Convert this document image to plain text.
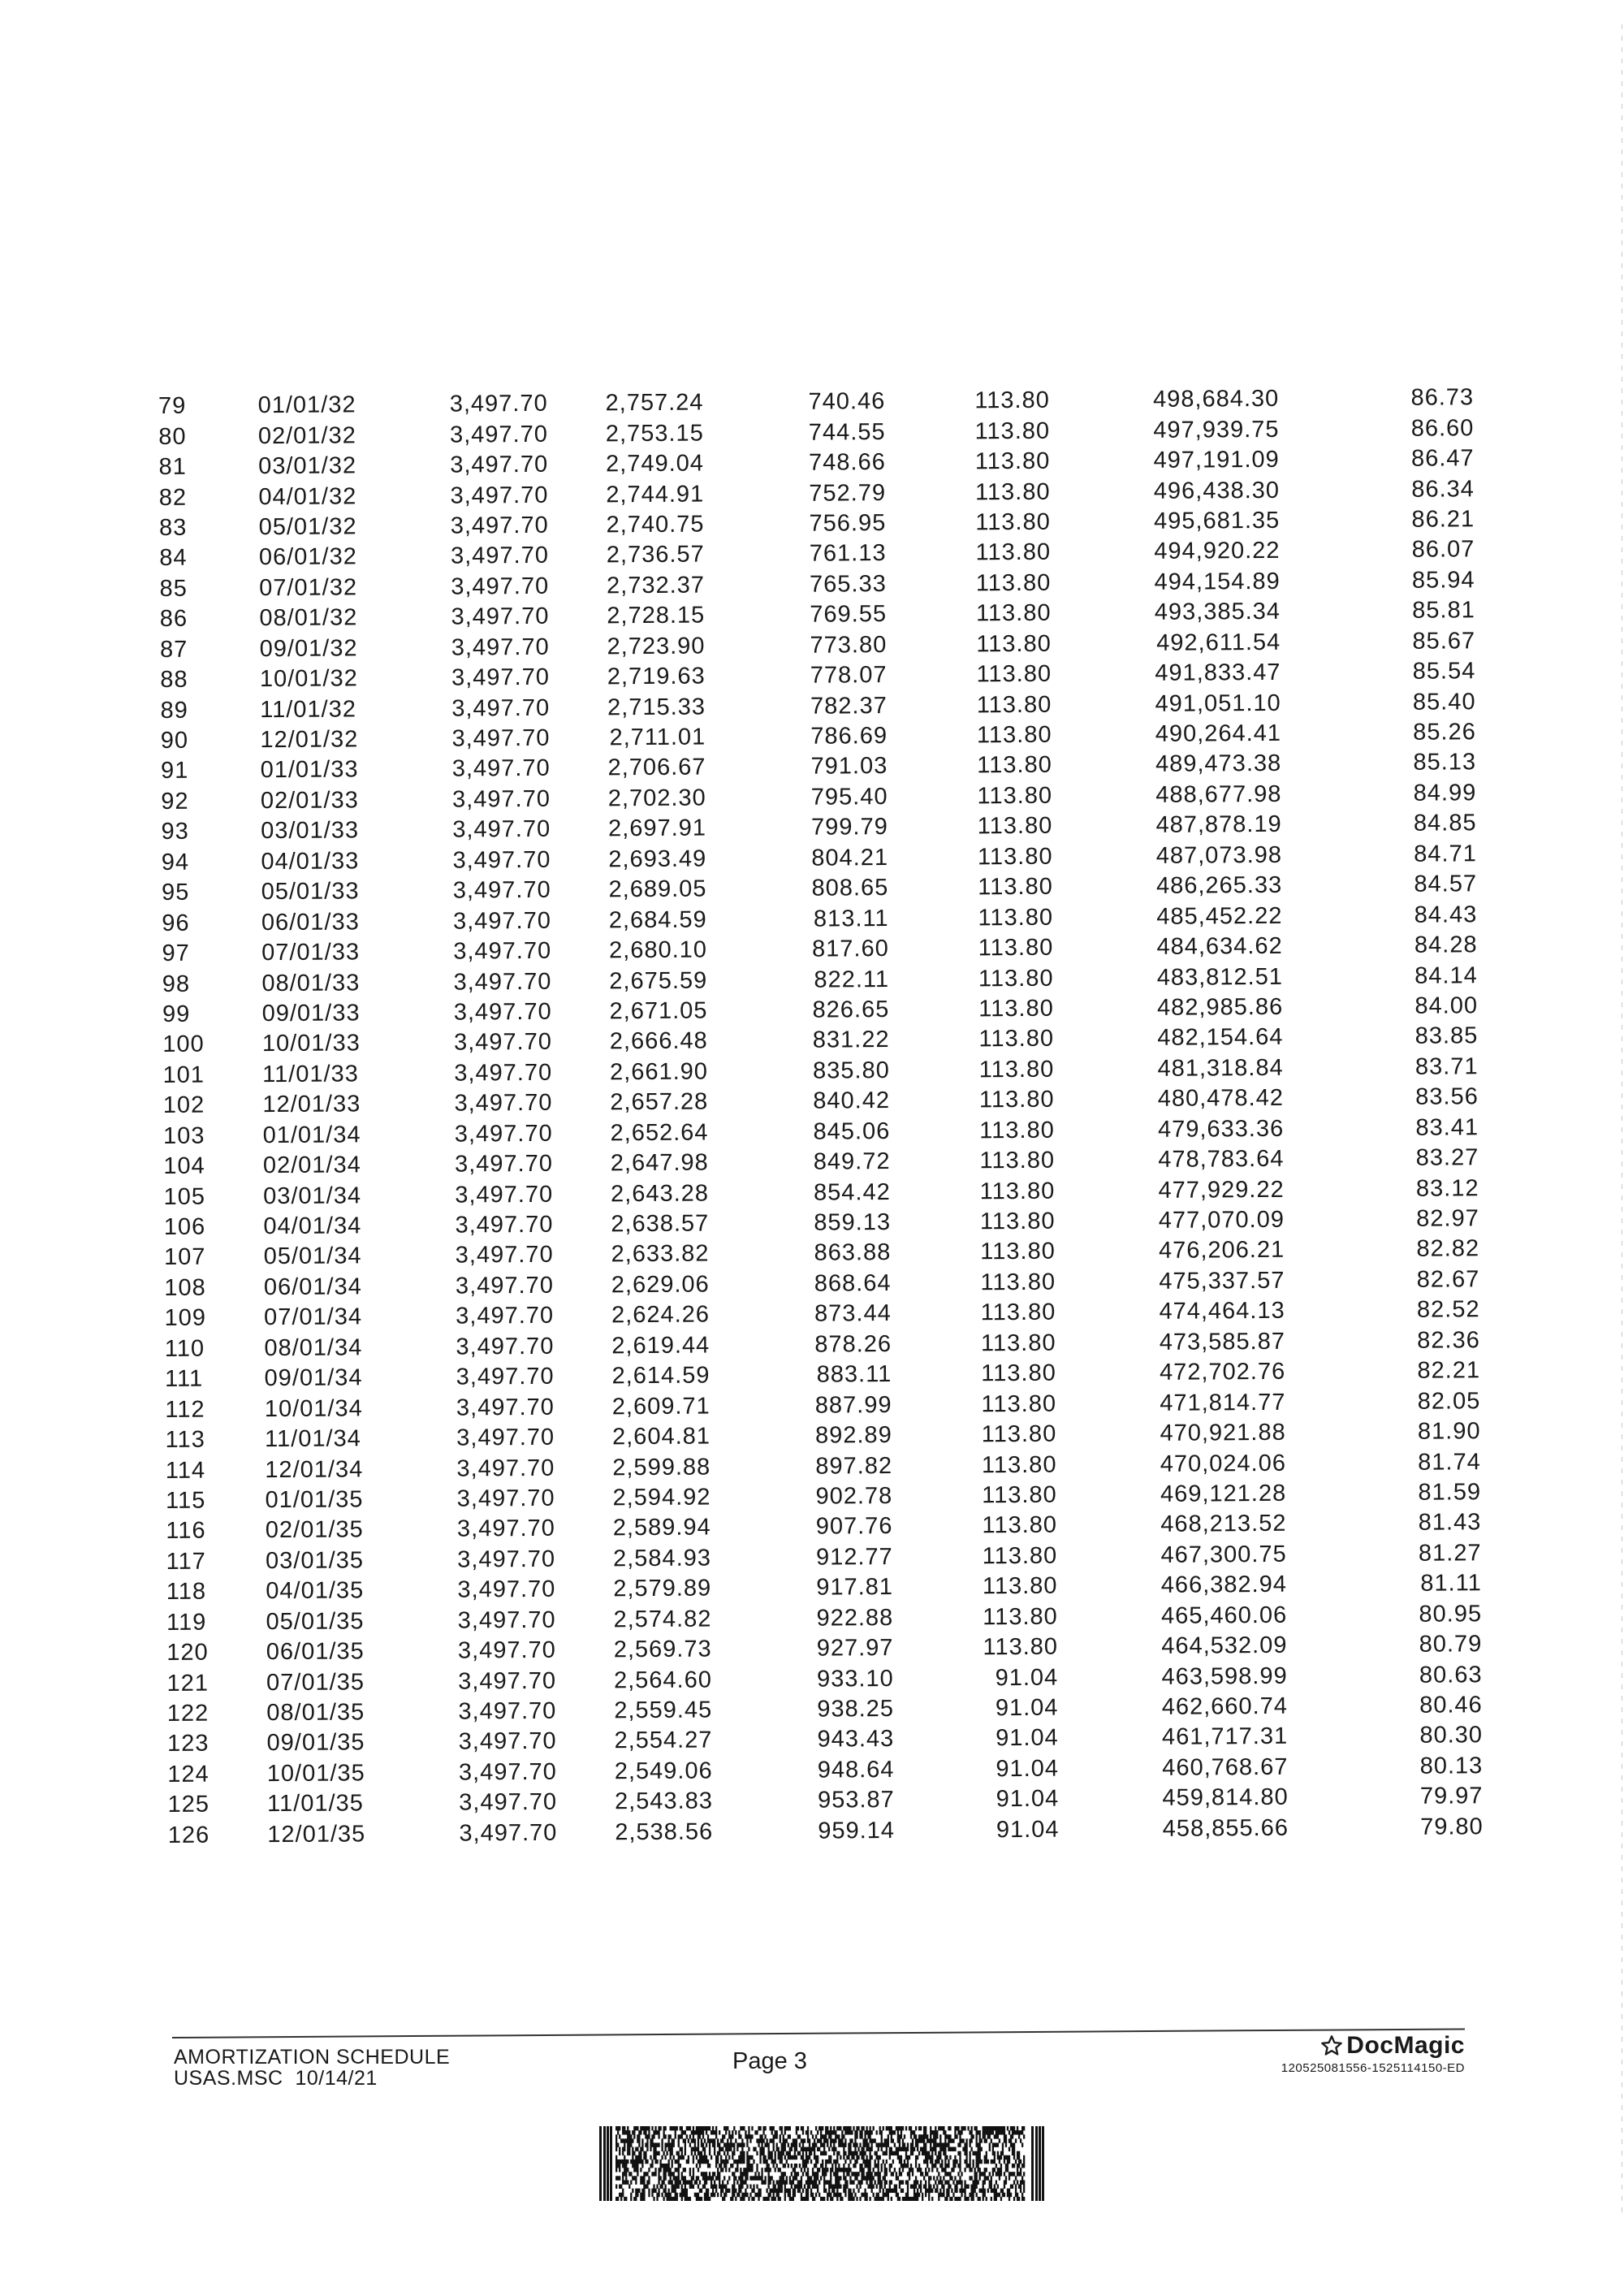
79	01/01/32	3,497.70	2,757.24	740.46	113.80	498,684.30	86.73
80	02/01/32	3,497.70	2,753.15	744.55	113.80	497,939.75	86.60
81	03/01/32	3,497.70	2,749.04	748.66	113.80	497,191.09	86.47
82	04/01/32	3,497.70	2,744.91	752.79	113.80	496,438.30	86.34
83	05/01/32	3,497.70	2,740.75	756.95	113.80	495,681.35	86.21
84	06/01/32	3,497.70	2,736.57	761.13	113.80	494,920.22	86.07
85	07/01/32	3,497.70	2,732.37	765.33	113.80	494,154.89	85.94
86	08/01/32	3,497.70	2,728.15	769.55	113.80	493,385.34	85.81
87	09/01/32	3,497.70	2,723.90	773.80	113.80	492,611.54	85.67
88	10/01/32	3,497.70	2,719.63	778.07	113.80	491,833.47	85.54
89	11/01/32	3,497.70	2,715.33	782.37	113.80	491,051.10	85.40
90	12/01/32	3,497.70	2,711.01	786.69	113.80	490,264.41	85.26
91	01/01/33	3,497.70	2,706.67	791.03	113.80	489,473.38	85.13
92	02/01/33	3,497.70	2,702.30	795.40	113.80	488,677.98	84.99
93	03/01/33	3,497.70	2,697.91	799.79	113.80	487,878.19	84.85
94	04/01/33	3,497.70	2,693.49	804.21	113.80	487,073.98	84.71
95	05/01/33	3,497.70	2,689.05	808.65	113.80	486,265.33	84.57
96	06/01/33	3,497.70	2,684.59	813.11	113.80	485,452.22	84.43
97	07/01/33	3,497.70	2,680.10	817.60	113.80	484,634.62	84.28
98	08/01/33	3,497.70	2,675.59	822.11	113.80	483,812.51	84.14
99	09/01/33	3,497.70	2,671.05	826.65	113.80	482,985.86	84.00
100	10/01/33	3,497.70	2,666.48	831.22	113.80	482,154.64	83.85
101	11/01/33	3,497.70	2,661.90	835.80	113.80	481,318.84	83.71
102	12/01/33	3,497.70	2,657.28	840.42	113.80	480,478.42	83.56
103	01/01/34	3,497.70	2,652.64	845.06	113.80	479,633.36	83.41
104	02/01/34	3,497.70	2,647.98	849.72	113.80	478,783.64	83.27
105	03/01/34	3,497.70	2,643.28	854.42	113.80	477,929.22	83.12
106	04/01/34	3,497.70	2,638.57	859.13	113.80	477,070.09	82.97
107	05/01/34	3,497.70	2,633.82	863.88	113.80	476,206.21	82.82
108	06/01/34	3,497.70	2,629.06	868.64	113.80	475,337.57	82.67
109	07/01/34	3,497.70	2,624.26	873.44	113.80	474,464.13	82.52
110	08/01/34	3,497.70	2,619.44	878.26	113.80	473,585.87	82.36
111	09/01/34	3,497.70	2,614.59	883.11	113.80	472,702.76	82.21
112	10/01/34	3,497.70	2,609.71	887.99	113.80	471,814.77	82.05
113	11/01/34	3,497.70	2,604.81	892.89	113.80	470,921.88	81.90
114	12/01/34	3,497.70	2,599.88	897.82	113.80	470,024.06	81.74
115	01/01/35	3,497.70	2,594.92	902.78	113.80	469,121.28	81.59
116	02/01/35	3,497.70	2,589.94	907.76	113.80	468,213.52	81.43
117	03/01/35	3,497.70	2,584.93	912.77	113.80	467,300.75	81.27
118	04/01/35	3,497.70	2,579.89	917.81	113.80	466,382.94	81.11
119	05/01/35	3,497.70	2,574.82	922.88	113.80	465,460.06	80.95
120	06/01/35	3,497.70	2,569.73	927.97	113.80	464,532.09	80.79
121	07/01/35	3,497.70	2,564.60	933.10	91.04	463,598.99	80.63
122	08/01/35	3,497.70	2,559.45	938.25	91.04	462,660.74	80.46
123	09/01/35	3,497.70	2,554.27	943.43	91.04	461,717.31	80.30
124	10/01/35	3,497.70	2,549.06	948.64	91.04	460,768.67	80.13
125	11/01/35	3,497.70	2,543.83	953.87	91.04	459,814.80	79.97
126	12/01/35	3,497.70	2,538.56	959.14	91.04	458,855.66	79.80
AMORTIZATION SCHEDULE
USAS.MSC  10/14/21
Page 3
DocMagic
120525081556-1525114150-ED
